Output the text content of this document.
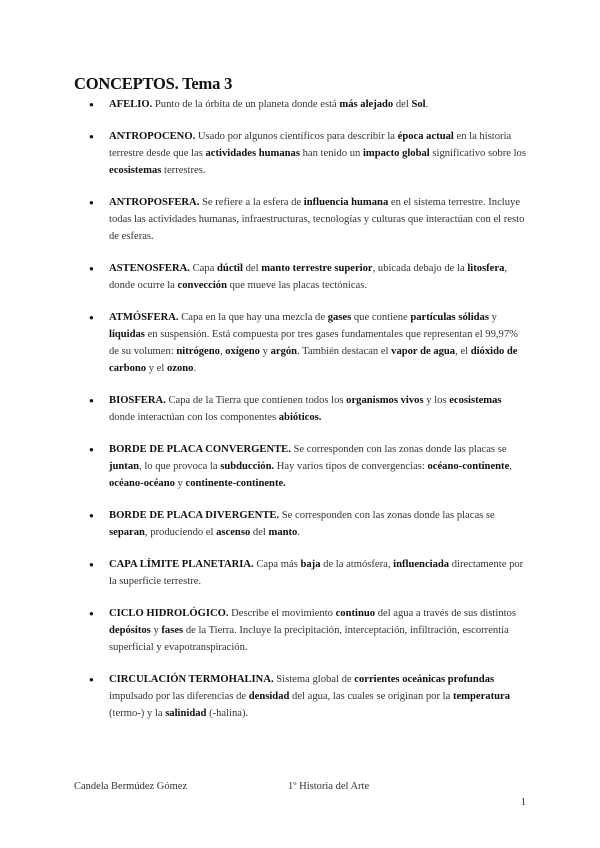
CONCEPTOS. Tema 3
● AFELIO. Punto de la órbita de un planeta donde está más alejado del Sol.
● ANTROPOCENO. Usado por algunos científicos para describir la época actual en la historia terrestre desde que las actividades humanas han tenido un impacto global significativo sobre los ecosistemas terrestres.
● ANTROPOSFERA. Se refiere a la esfera de influencia humana en el sistema terrestre. Incluye todas las actividades humanas, infraestructuras, tecnologías y culturas que interactúan con el resto de esferas.
● ASTENOSFERA. Capa dúctil del manto terrestre superior, ubicada debajo de la litosfera, donde ocurre la convección que mueve las placas tectónicas.
● ATMÓSFERA. Capa en la que hay una mezcla de gases que contiene partículas sólidas y líquidas en suspensión. Está compuesta por tres gases fundamentales que representan el 99,97% de su volumen: nitrógeno, oxígeno y argón. También destacan el vapor de agua, el dióxido de carbono y el ozono.
● BIOSFERA. Capa de la Tierra que contienen todos los organismos vivos y los ecosistemas donde interactúan con los componentes abióticos.
● BORDE DE PLACA CONVERGENTE. Se corresponden con las zonas donde las placas se juntan, lo que provoca la subducción. Hay varios tipos de convergencias: océano-continente, océano-océano y continente-continente.
● BORDE DE PLACA DIVERGENTE. Se corresponden con las zonas donde las placas se separan, produciendo el ascenso del manto.
● CAPA LÍMITE PLANETARIA. Capa más baja de la atmósfera, influenciada directamente por la superficie terrestre.
● CICLO HIDROLÓGICO. Describe el movimiento continuo del agua a través de sus distintos depósitos y fases de la Tierra. Incluye la precipitación, interceptación, infiltración, escorrentía superficial y evapotranspiración.
● CIRCULACIÓN TERMOHALINA. Sistema global de corrientes oceánicas profundas impulsado por las diferencias de densidad del agua, las cuales se originan por la temperatura (termo-) y la salinidad (-halina).
Candela Bermúdez Gómez	1º Historia del Arte
1
